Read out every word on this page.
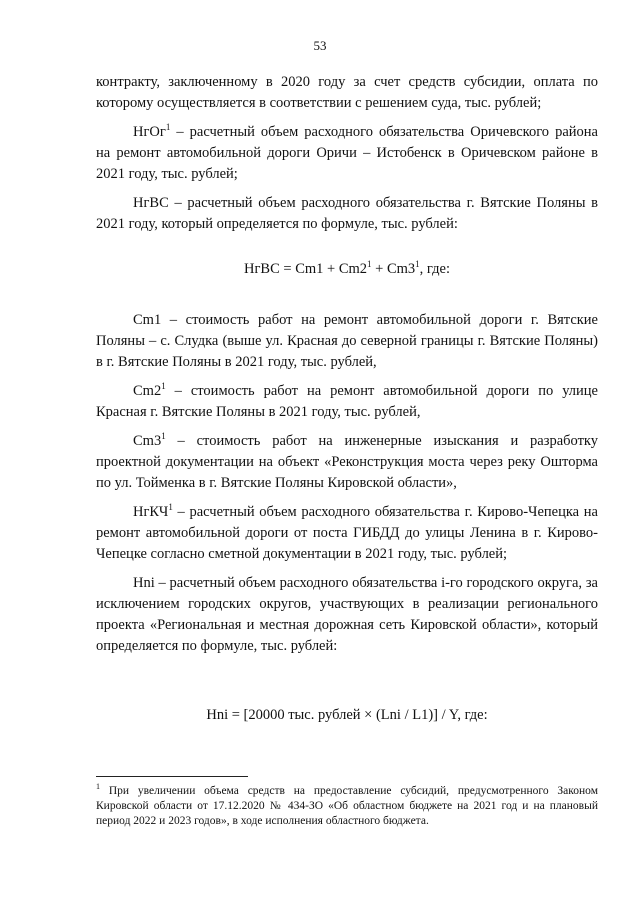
53

контракту, заключенному в 2020 году за счет средств субсидии, оплата по которому осуществляется в соответствии с решением суда, тыс. рублей;

НгОг$^1$ – расчетный объем расходного обязательства Оричевского района на ремонт автомобильной дороги Оричи – Истобенск в Оричевском районе в 2021 году, тыс. рублей;

НгВС – расчетный объем расходного обязательства г. Вятские Поляны в 2021 году, который определяется по формуле, тыс. рублей:

НгВС = $Cm1 + Cm2^1 + Cm3^1$, где:

Cm1 – стоимость работ на ремонт автомобильной дороги г. Вятские Поляны – с. Слудка (выше ул. Красная до северной границы г. Вятские Поляны) в г. Вятские Поляны в 2021 году, тыс. рублей,

$Cm2^1$ – стоимость работ на ремонт автомобильной дороги по улице Красная г. Вятские Поляны в 2021 году, тыс. рублей,

$Cm3^1$ – стоимость работ на инженерные изыскания и разработку проектной документации на объект «Реконструкция моста через реку Ошторма по ул. Тойменка в г. Вятские Поляны Кировской области»,

НгКЧ$^1$ – расчетный объем расходного обязательства г. Кирово-Чепецка на ремонт автомобильной дороги от поста ГИБДД до улицы Ленина в г. Кирово-Чепецке согласно сметной документации в 2021 году, тыс. рублей;

Hni – расчетный объем расходного обязательства i-го городского округа, за исключением городских округов, участвующих в реализации регионального проекта «Региональная и местная дорожная сеть Кировской области», который определяется по формуле, тыс. рублей:

Hni = [20000 тыс. рублей × (Lni / L1)] / Y, где:

$^1$ При увеличении объема средств на предоставление субсидий, предусмотренного Законом Кировской области от 17.12.2020 № 434-ЗО «Об областном бюджете на 2021 год и на плановый период 2022 и 2023 годов», в ходе исполнения областного бюджета.
